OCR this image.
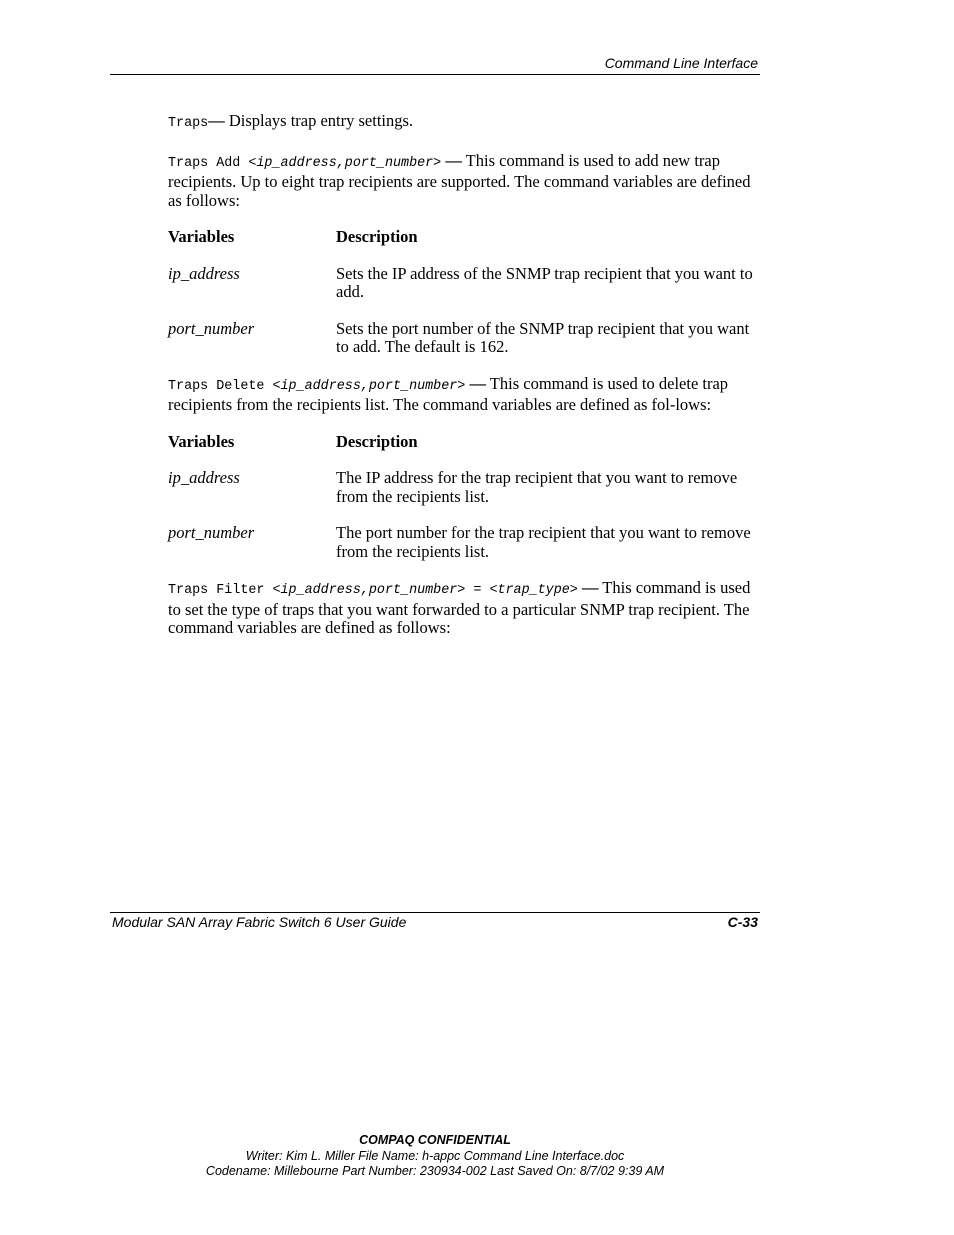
Command Line Interface

Traps— Displays trap entry settings.

Traps Add <ip_address,port_number> — This command is used to add new trap recipients. Up to eight trap recipients are supported. The command variables are defined as follows:

Variables	Description

ip_address	Sets the IP address of the SNMP trap recipient that you want to add.

port_number	Sets the port number of the SNMP trap recipient that you want to add. The default is 162.

Traps Delete <ip_address,port_number> — This command is used to delete trap recipients from the recipients list. The command variables are defined as fol-lows:

Variables	Description

ip_address	The IP address for the trap recipient that you want to remove from the recipients list.

port_number	The port number for the trap recipient that you want to remove from the recipients list.

Traps Filter <ip_address,port_number> = <trap_type> — This command is used to set the type of traps that you want forwarded to a particular SNMP trap recipient. The command variables are defined as follows:

Modular SAN Array Fabric Switch 6 User Guide	C-33
COMPAQ CONFIDENTIAL
Writer: Kim L. Miller File Name: h-appc Command Line Interface.doc
Codename: Millebourne Part Number: 230934-002 Last Saved On: 8/7/02 9:39 AM
